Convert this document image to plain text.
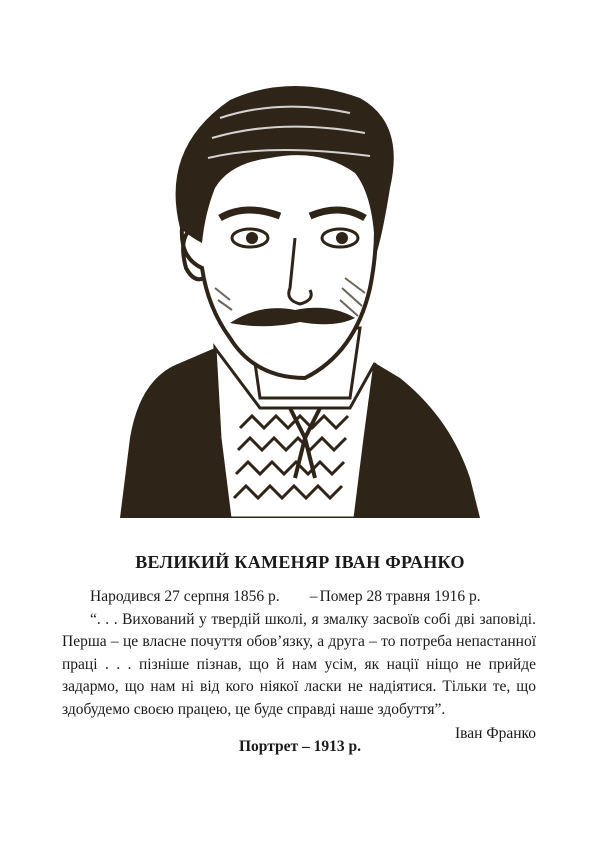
ВЕЛИКИЙ КАМЕНЯР ІВАН ФРАНКО

Народився 27 серпня 1856 р. – Помер 28 травня 1916 р.

“. . . Вихований у твердій школі, я змалку засвоїв собі дві заповіді. Перша – це власне почуття обов’язку, а друга – то потреба непастанної праці . . . пізніше пізнав, що й нам усім, як нації ніщо не прийде задармо, що нам ні від кого ніякої ласки не надіятися. Тільки те, що здобудемо своєю працею, це буде справді наше здобуття”.

Іван Франко

Портрет – 1913 р.
